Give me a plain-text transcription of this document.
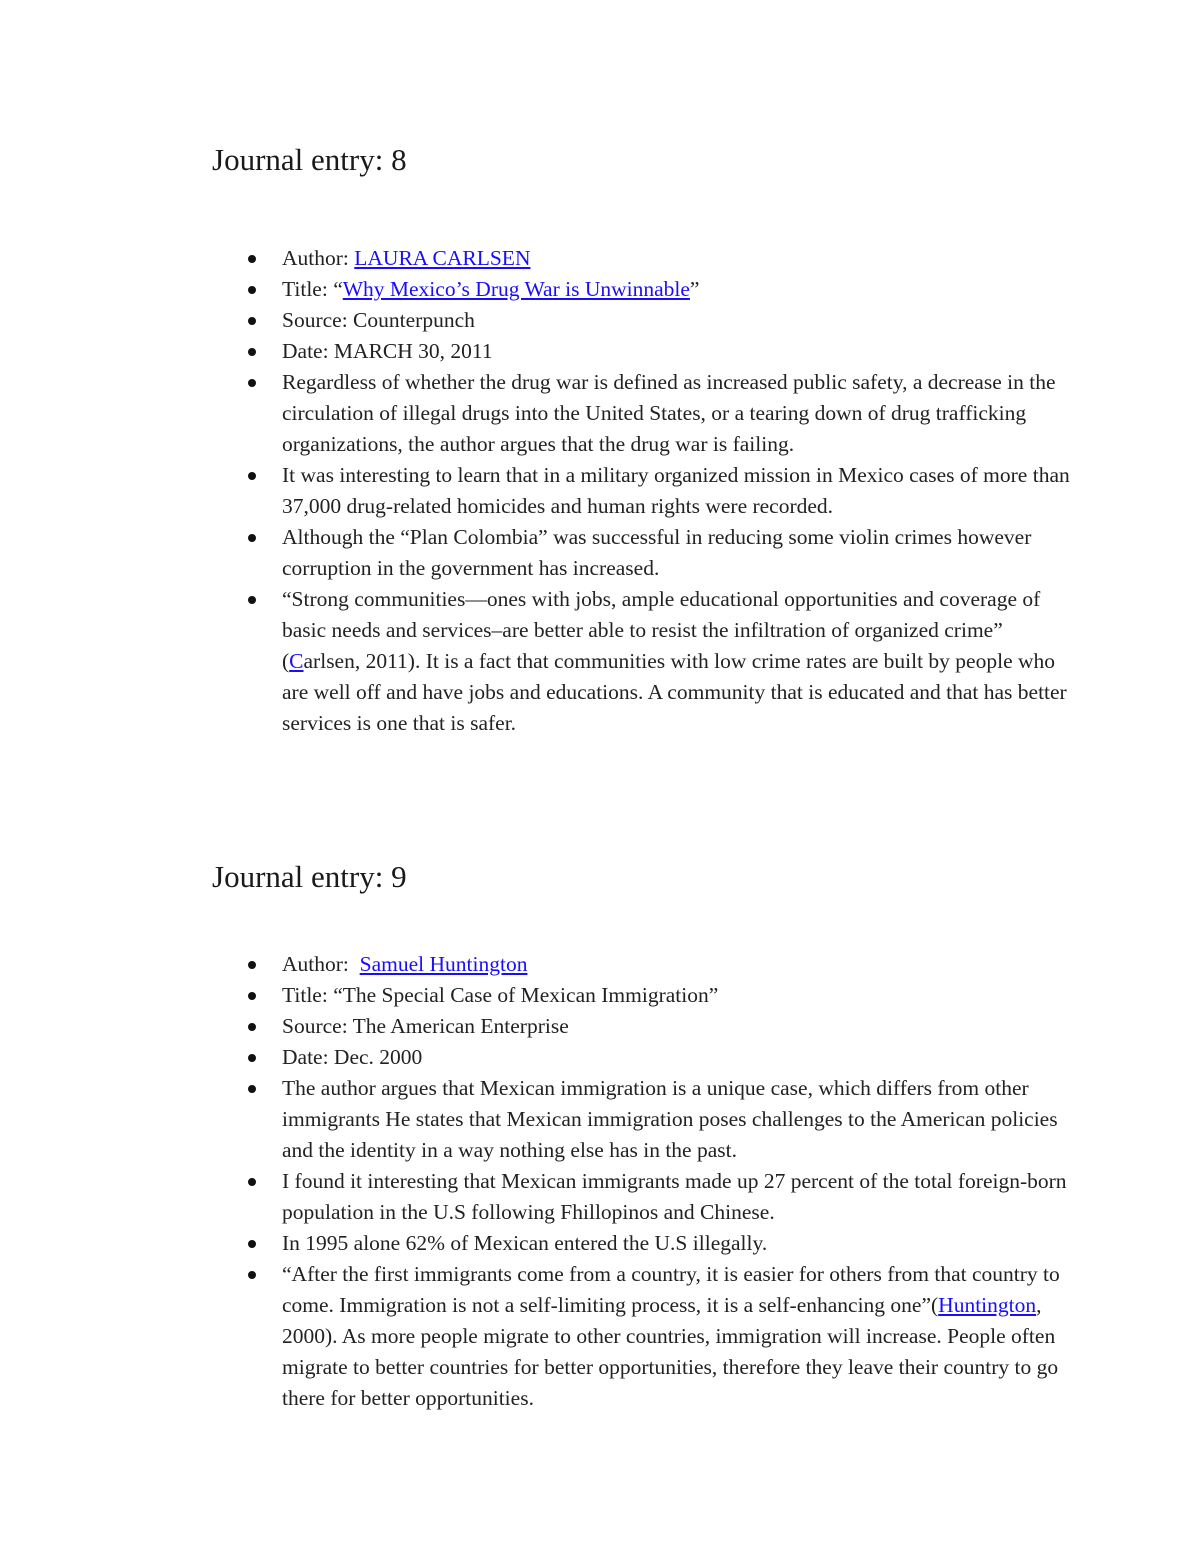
Journal entry: 8
Author: LAURA CARLSEN
Title: “Why Mexico’s Drug War is Unwinnable”
Source: Counterpunch
Date: MARCH 30, 2011
Regardless of whether the drug war is defined as increased public safety, a decrease in the circulation of illegal drugs into the United States, or a tearing down of drug trafficking organizations, the author argues that the drug war is failing.
It was interesting to learn that in a military organized mission in Mexico cases of more than 37,000 drug-related homicides and human rights were recorded.
Although the “Plan Colombia” was successful in reducing some violin crimes however corruption in the government has increased.
“Strong communities—ones with jobs, ample educational opportunities and coverage of basic needs and services–are better able to resist the infiltration of organized crime” (Carlsen, 2011). It is a fact that communities with low crime rates are built by people who are well off and have jobs and educations. A community that is educated and that has better services is one that is safer.
Journal entry: 9
Author:  Samuel Huntington
Title: “The Special Case of Mexican Immigration”
Source: The American Enterprise
Date: Dec. 2000
The author argues that Mexican immigration is a unique case, which differs from other immigrants He states that Mexican immigration poses challenges to the American policies and the identity in a way nothing else has in the past.
I found it interesting that Mexican immigrants made up 27 percent of the total foreign-born population in the U.S following Fhillopinos and Chinese.
In 1995 alone 62% of Mexican entered the U.S illegally.
“After the first immigrants come from a country, it is easier for others from that country to come. Immigration is not a self-limiting process, it is a self-enhancing one”(Huntington, 2000). As more people migrate to other countries, immigration will increase. People often migrate to better countries for better opportunities, therefore they leave their country to go there for better opportunities.
